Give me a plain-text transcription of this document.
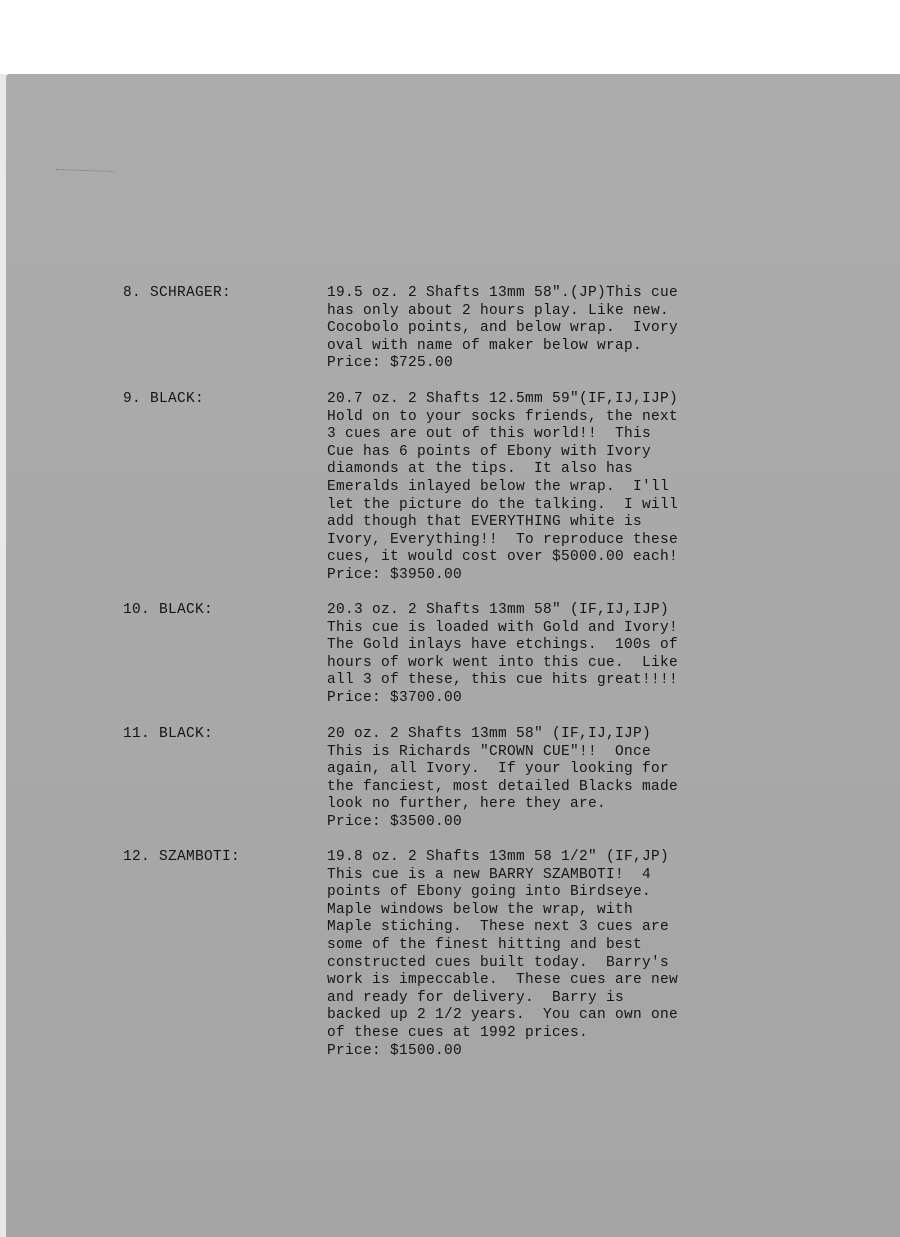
8. SCHRAGER:	19.5 oz. 2 Shafts 13mm 58".(JP)This cue
has only about 2 hours play. Like new.
Cocobolo points, and below wrap.  Ivory
oval with name of maker below wrap.
Price: $725.00
9. BLACK:	20.7 oz. 2 Shafts 12.5mm 59"(IF,IJ,IJP)
Hold on to your socks friends, the next
3 cues are out of this world!!  This
Cue has 6 points of Ebony with Ivory
diamonds at the tips.  It also has
Emeralds inlayed below the wrap.  I'll
let the picture do the talking.  I will
add though that EVERYTHING white is
Ivory, Everything!!  To reproduce these
cues, it would cost over $5000.00 each!
Price: $3950.00
10. BLACK:	20.3 oz. 2 Shafts 13mm 58" (IF,IJ,IJP)
This cue is loaded with Gold and Ivory!
The Gold inlays have etchings.  100s of
hours of work went into this cue.  Like
all 3 of these, this cue hits great!!!!
Price: $3700.00
11. BLACK:	20 oz. 2 Shafts 13mm 58" (IF,IJ,IJP)
This is Richards "CROWN CUE"!!  Once
again, all Ivory.  If your looking for
the fanciest, most detailed Blacks made
look no further, here they are.
Price: $3500.00
12. SZAMBOTI:	19.8 oz. 2 Shafts 13mm 58 1/2" (IF,JP)
This cue is a new BARRY SZAMBOTI!  4
points of Ebony going into Birdseye.
Maple windows below the wrap, with
Maple stiching.  These next 3 cues are
some of the finest hitting and best
constructed cues built today.  Barry's
work is impeccable.  These cues are new
and ready for delivery.  Barry is
backed up 2 1/2 years.  You can own one
of these cues at 1992 prices.
Price: $1500.00
